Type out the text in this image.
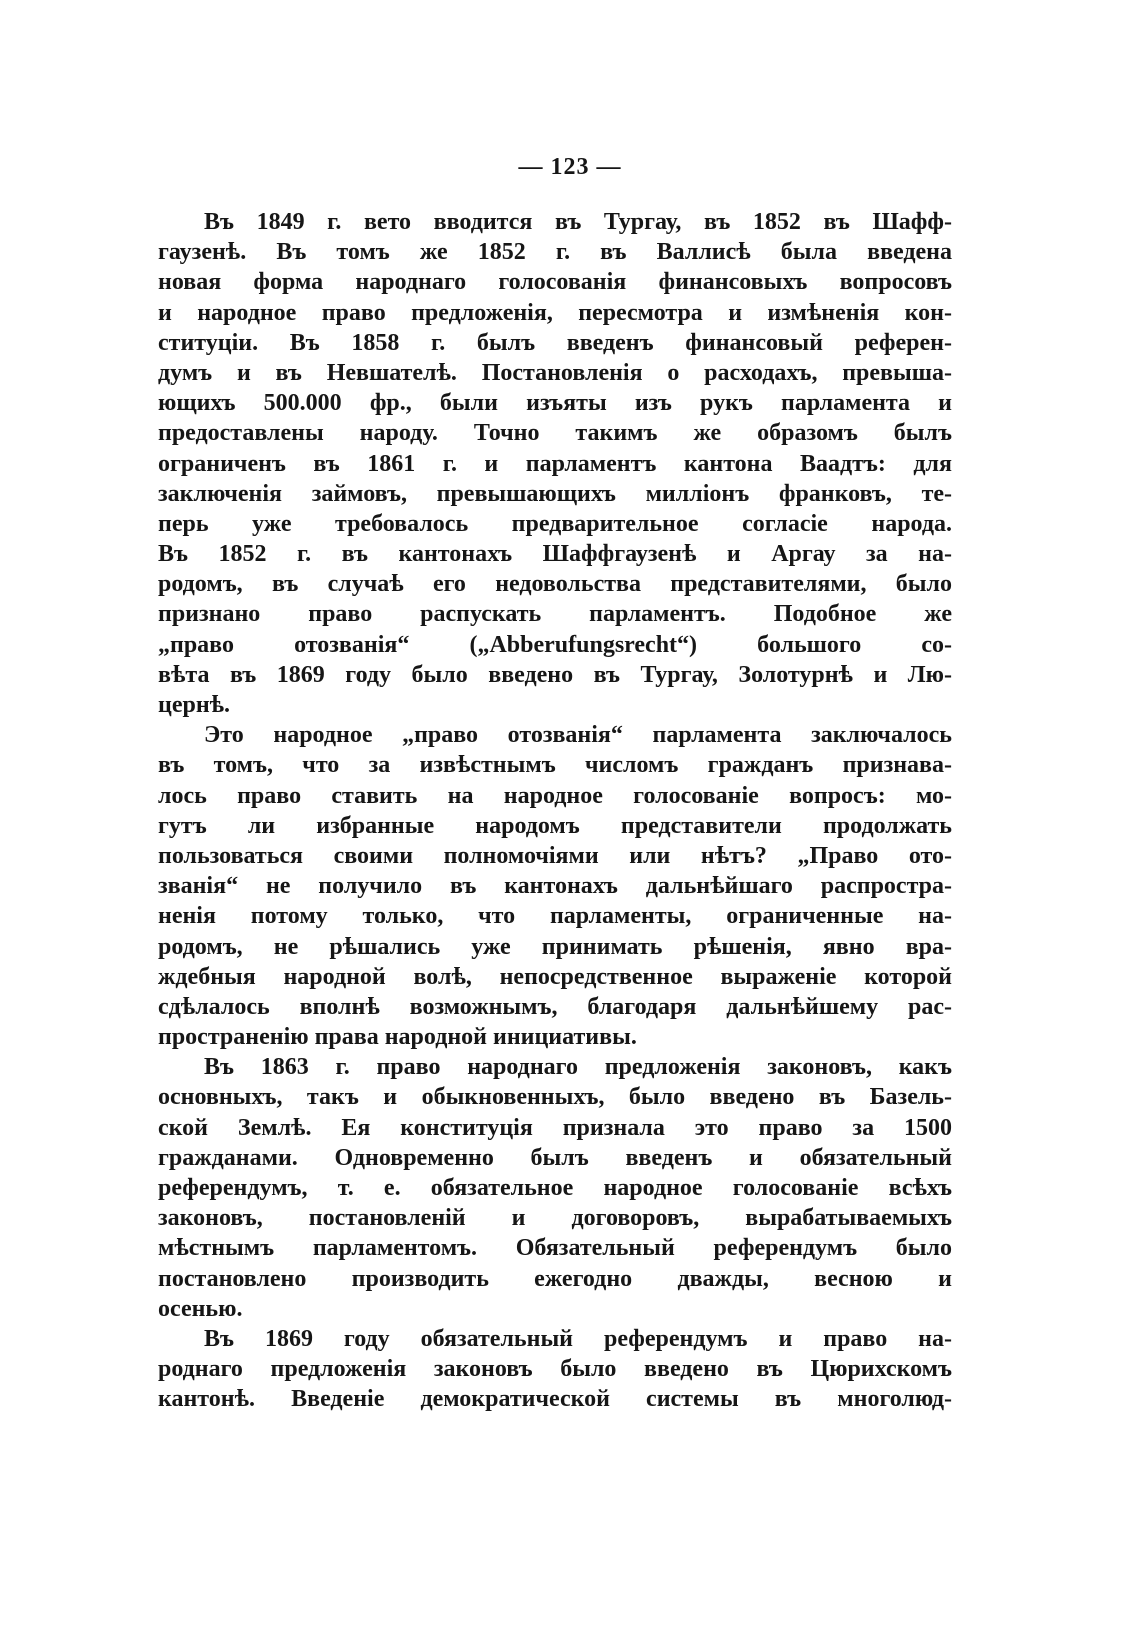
— 123 —
Въ 1849 г. вето вводится въ Тургау, въ 1852 въ Шафф-
гаузенѣ. Въ томъ же 1852 г. въ Валлисѣ была введена
новая форма народнаго голосованія финансовыхъ вопросовъ
и народное право предложенія, пересмотра и измѣненія кон-
ституціи. Въ 1858 г. былъ введенъ финансовый референ-
думъ и въ Невшателѣ. Постановленія о расходахъ, превыша-
ющихъ 500.000 фр., были изъяты изъ рукъ парламента и
предоставлены народу. Точно такимъ же образомъ былъ
ограниченъ въ 1861 г. и парламентъ кантона Ваадтъ: для
заключенія займовъ, превышающихъ милліонъ франковъ, те-
перь уже требовалось предварительное согласіе народа.
Въ 1852 г. въ кантонахъ Шаффгаузенѣ и Аргау за на-
родомъ, въ случаѣ его недовольства представителями, было
признано право распускать парламентъ. Подобное же
„право отозванія“ („Abberufungsrecht“) большого со-
вѣта въ 1869 году было введено въ Тургау, Золотурнѣ и Лю-
цернѣ.
Это народное „право отозванія“ парламента заключалось
въ томъ, что за извѣстнымъ числомъ гражданъ признава-
лось право ставить на народное голосованіе вопросъ: мо-
гутъ ли избранные народомъ представители продолжать
пользоваться своими полномочіями или нѣтъ? „Право ото-
званія“ не получило въ кантонахъ дальнѣйшаго распростра-
ненія потому только, что парламенты, ограниченные на-
родомъ, не рѣшались уже принимать рѣшенія, явно вра-
ждебныя народной волѣ, непосредственное выраженіе которой
сдѣлалось вполнѣ возможнымъ, благодаря дальнѣйшему рас-
пространенію права народной инициативы.
Въ 1863 г. право народнаго предложенія законовъ, какъ
основныхъ, такъ и обыкновенныхъ, было введено въ Базель-
ской Землѣ. Ея конституція признала это право за 1500
гражданами. Одновременно былъ введенъ и обязательный
референдумъ, т. е. обязательное народное голосованіе всѣхъ
законовъ, постановленій и договоровъ, вырабатываемыхъ
мѣстнымъ парламентомъ. Обязательный референдумъ было
постановлено производить ежегодно дважды, весною и
осенью.
Въ 1869 году обязательный референдумъ и право на-
роднаго предложенія законовъ было введено въ Цюрихскомъ
кантонѣ. Введеніе демократической системы въ многолюд-
